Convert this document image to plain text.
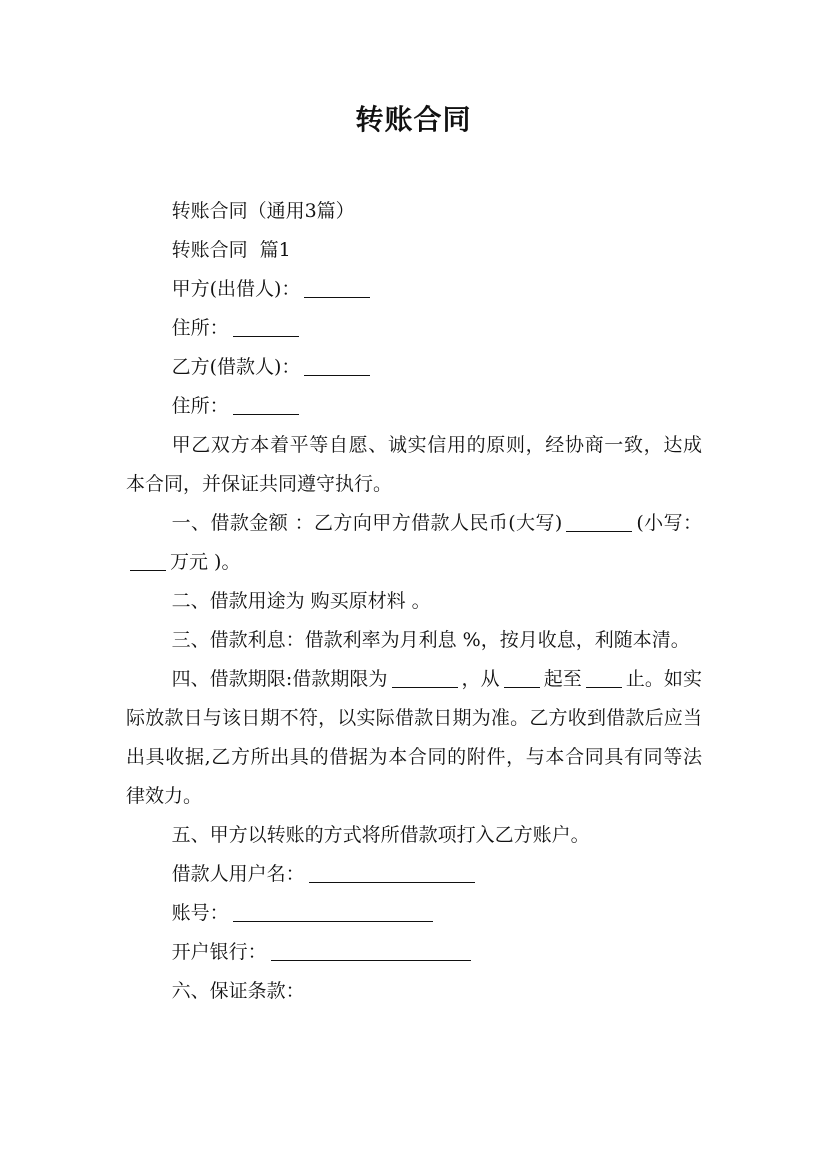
转账合同

转账合同（通用3篇）

转账合同  篇1

甲方(出借人)：

住所：

乙方(借款人)：

住所：

甲乙双方本着平等自愿、诚实信用的原则，经协商一致，达成本合同，并保证共同遵守执行。

一、借款金额 ：乙方向甲方借款人民币(大写)	(小写：万元 )。

二、借款用途为 购买原材料 。

三、借款利息：借款利率为月利息 %，按月收息，利随本清。

四、借款期限:借款期限为	，从 起至 止。如实际放款日与该日期不符，以实际借款日期为准。乙方收到借款后应当出具收据,乙方所出具的借据为本合同的附件，与本合同具有同等法律效力。

五、甲方以转账的方式将所借款项打入乙方账户。

借款人用户名：

账号：

开户银行：

六、保证条款：
